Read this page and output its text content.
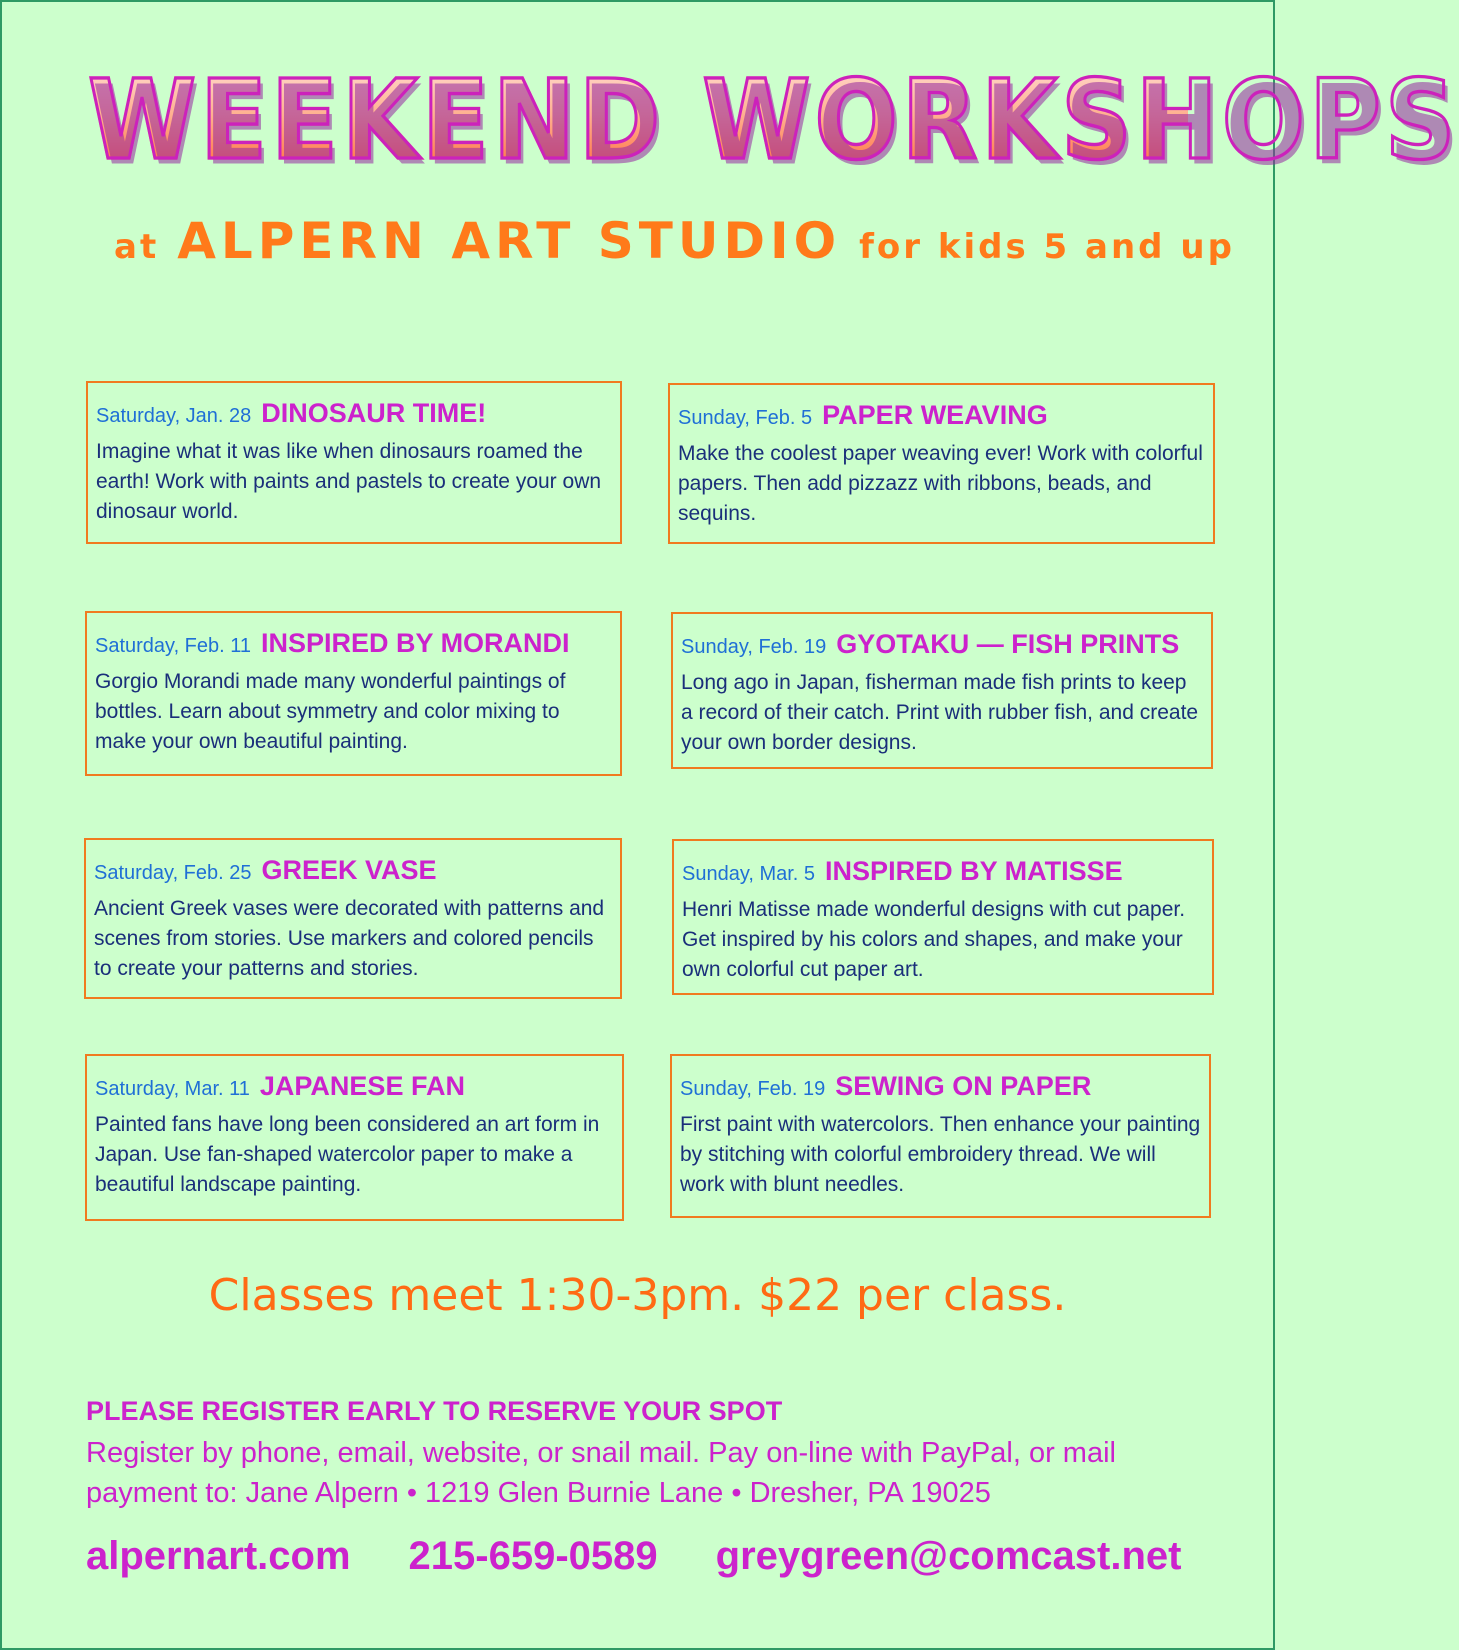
WEEKEND WORKSHOPS
at ALPERN ART STUDIO for kids 5 and up
Saturday, Jan. 28 DINOSAUR TIME!
Imagine what it was like when dinosaurs roamed the earth! Work with paints and pastels to create your own dinosaur world.
Sunday, Feb. 5 PAPER WEAVING
Make the coolest paper weaving ever! Work with colorful papers. Then add pizzazz with ribbons, beads, and sequins.
Saturday, Feb. 11 INSPIRED BY MORANDI
Gorgio Morandi made many wonderful paintings of bottles. Learn about symmetry and color mixing to make your own beautiful painting.
Sunday, Feb. 19 GYOTAKU — FISH PRINTS
Long ago in Japan, fisherman made fish prints to keep a record of their catch. Print with rubber fish, and create your own border designs.
Saturday, Feb. 25 GREEK VASE
Ancient Greek vases were decorated with patterns and scenes from stories. Use markers and colored pencils to create your patterns and stories.
Sunday, Mar. 5 INSPIRED BY MATISSE
Henri Matisse made wonderful designs with cut paper. Get inspired by his colors and shapes, and make your own colorful cut paper art.
Saturday, Mar. 11 JAPANESE FAN
Painted fans have long been considered an art form in Japan. Use fan-shaped watercolor paper to make a beautiful landscape painting.
Sunday, Feb. 19 SEWING ON PAPER
First paint with watercolors. Then enhance your painting by stitching with colorful embroidery thread. We will work with blunt needles.
Classes meet 1:30-3pm. $22 per class.
PLEASE REGISTER EARLY TO RESERVE YOUR SPOT
Register by phone, email, website, or snail mail. Pay on-line with PayPal, or mail
payment to: Jane Alpern • 1219 Glen Burnie Lane • Dresher, PA 19025
alpernart.com 215-659-0589 greygreen@comcast.net
